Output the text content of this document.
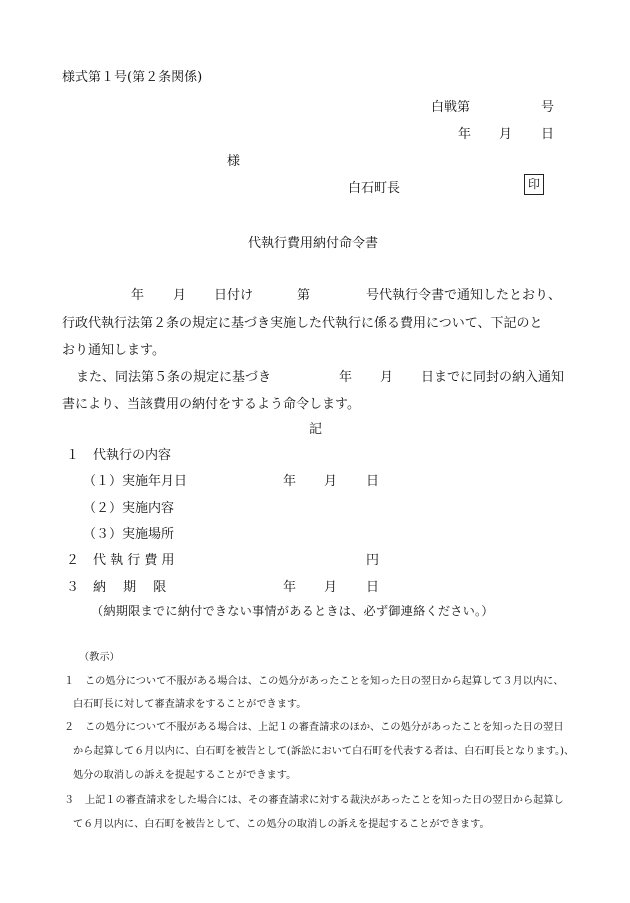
様式第１号(第２条関係)
白戦第	号
年 月 日
様
白石町長	印
代執行費用納付命令書
年 月 日付け	第	号代執行令書で通知したとおり、
行政代執行法第２条の規定に基づき実施した代執行に係る費用について、下記のと
おり通知します。
また、同法第５条の規定に基づき	年 月 日までに同封の納入通知
書により、当該費用の納付をするよう命令します。
記
１ 代執行の内容
（１）実施年月日	年 月 日
（２）実施内容
（３）実施場所
２ 代 執 行 費 用	円
３ 納　 期　 限	年 月 日
（納期限までに納付できない事情があるときは、必ず御連絡ください。）
（教示）
１ この処分について不服がある場合は、この処分があったことを知った日の翌日から起算して３月以内に、
白石町長に対して審査請求をすることができます。
２ この処分について不服がある場合は、上記１の審査請求のほか、この処分があったことを知った日の翌日
から起算して６月以内に、白石町を被告として(訴訟において白石町を代表する者は、白石町長となります。)、
処分の取消しの訴えを提起することができます。
３ 上記１の審査請求をした場合には、その審査請求に対する裁決があったことを知った日の翌日から起算し
て６月以内に、白石町を被告として、この処分の取消しの訴えを提起することができます。
